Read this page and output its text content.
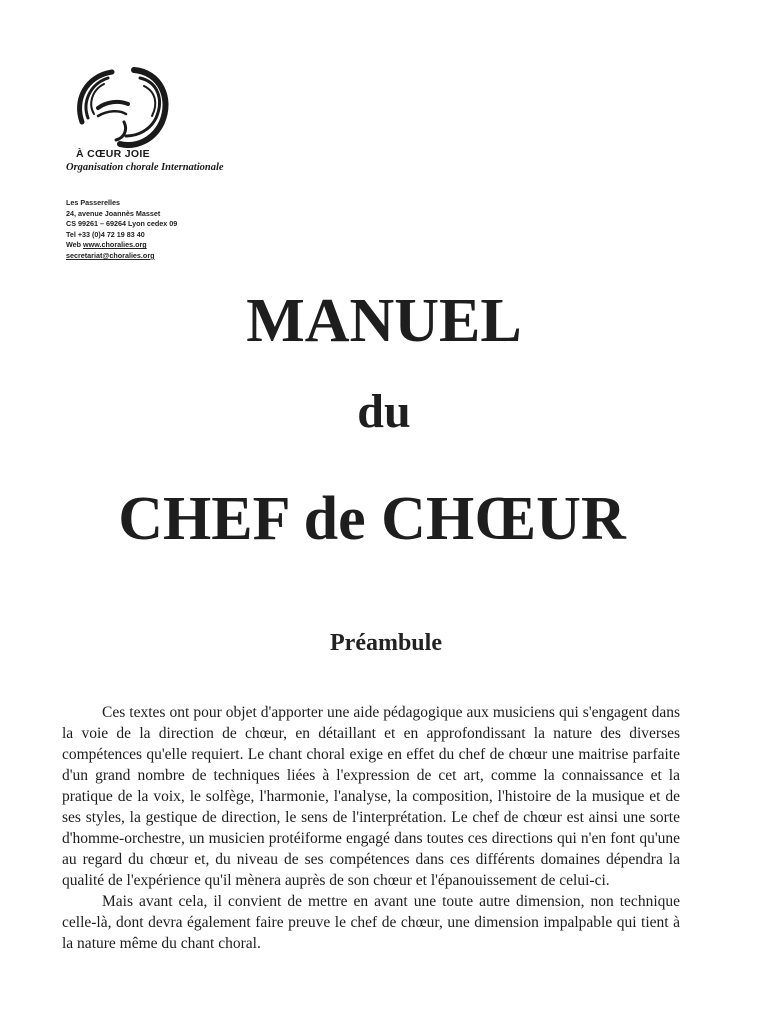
À CŒUR JOIE
Organisation chorale Internationale
Les Passerelles
24, avenue Joannès Masset
CS 99261 – 69264 Lyon cedex 09
Tel +33 (0)4 72 19 83 40
Web www.choralies.org
secretariat@choralies.org
MANUEL
du
CHEF de CHŒUR
Préambule

Ces textes ont pour objet d'apporter une aide pédagogique aux musiciens qui s'engagent dans la voie de la direction de chœur, en détaillant et en approfondissant la nature des diverses compétences qu'elle requiert. Le chant choral exige en effet du chef de chœur une maitrise parfaite d'un grand nombre de techniques liées à l'expression de cet art, comme la connaissance et la pratique de la voix, le solfège, l'harmonie, l'analyse, la composition, l'histoire de la musique et de ses styles, la gestique de direction, le sens de l'interprétation. Le chef de chœur est ainsi une sorte d'homme-orchestre, un musicien protéiforme engagé dans toutes ces directions qui n'en font qu'une au regard du chœur et, du niveau de ses compétences dans ces différents domaines dépendra la qualité de l'expérience qu'il mènera auprès de son chœur et l'épanouissement de celui-ci.

Mais avant cela, il convient de mettre en avant une toute autre dimension, non technique celle-là, dont devra également faire preuve le chef de chœur, une dimension impalpable qui tient à la nature même du chant choral.
